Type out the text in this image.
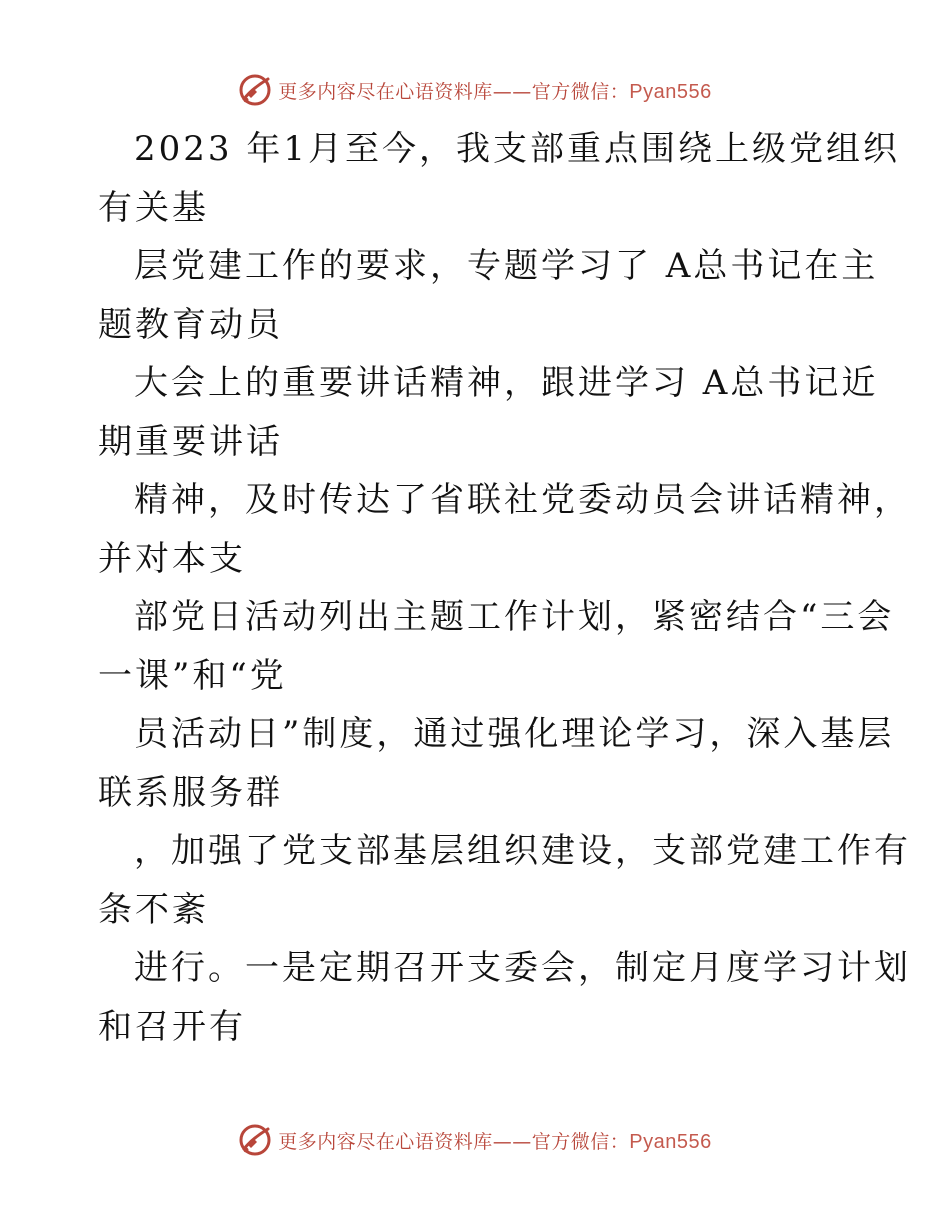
更多内容尽在心语资料库——官方微信：Pyan556
2023 年1月至今，我支部重点围绕上级党组织
有关基
层党建工作的要求，专题学习了 A总书记在主
题教育动员
大会上的重要讲话精神，跟进学习 A总书记近
期重要讲话
精神，及时传达了省联社党委动员会讲话精神，
并对本支
部党日活动列出主题工作计划，紧密结合“三会
一课”和“党
员活动日”制度，通过强化理论学习，深入基层
联系服务群
，加强了党支部基层组织建设，支部党建工作有
条不紊
进行。一是定期召开支委会，制定月度学习计划
和召开有
更多内容尽在心语资料库——官方微信：Pyan556
